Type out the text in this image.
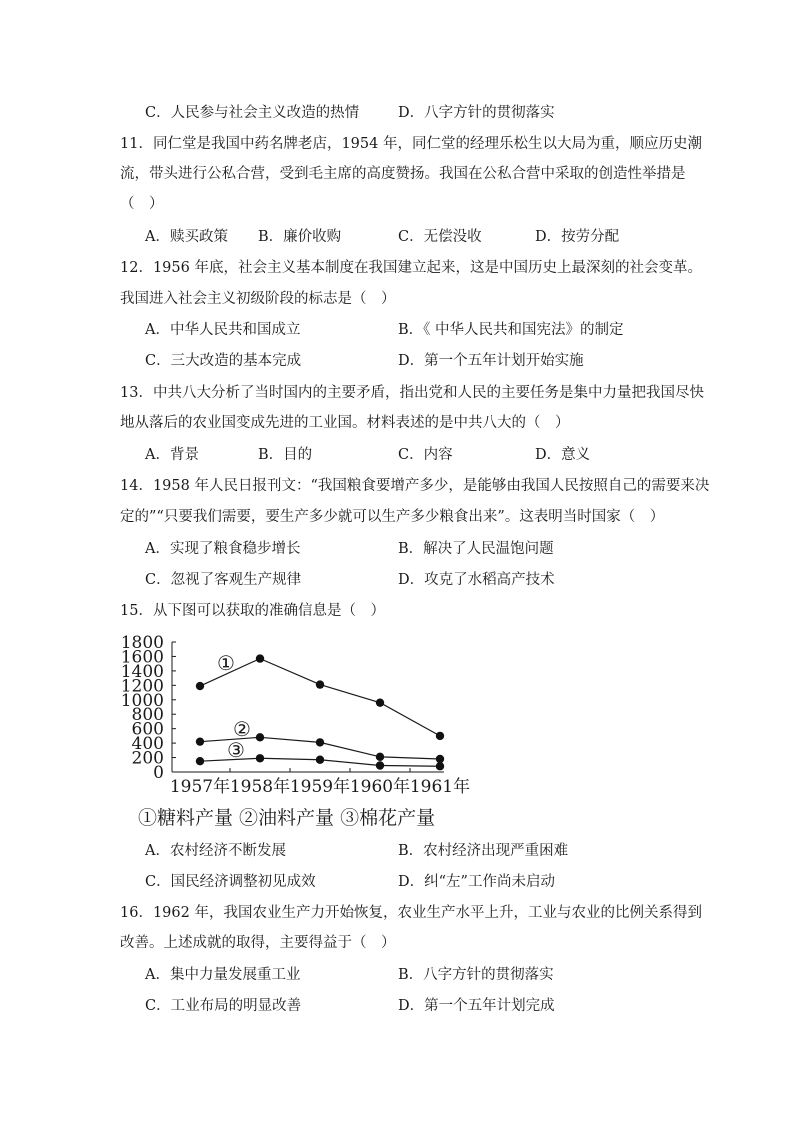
C．人民参与社会主义改造的热情	D．八字方针的贯彻落实
11．同仁堂是我国中药名牌老店，1954 年，同仁堂的经理乐松生以大局为重，顺应历史潮
流，带头进行公私合营，受到毛主席的高度赞扬。我国在公私合营中采取的创造性举措是
（　）
A．赎买政策 B．廉价收购	C．无偿没收	D．按劳分配
12．1956 年底，社会主义基本制度在我国建立起来，这是中国历史上最深刻的社会变革。
我国进入社会主义初级阶段的标志是（　）
A．中华人民共和国成立	B．《 中华人民共和国宪法》的制定
C．三大改造的基本完成	D．第一个五年计划开始实施
13．中共八大分析了当时国内的主要矛盾，指出党和人民的主要任务是集中力量把我国尽快
地从落后的农业国变成先进的工业国。材料表述的是中共八大的（　）
A．背景	B．目的	C．内容	D．意义
14．1958 年人民日报刊文：“我国粮食要增产多少，是能够由我国人民按照自己的需要来决
定的”“只要我们需要，要生产多少就可以生产多少粮食出来”。这表明当时国家（　）
A．实现了粮食稳步增长	B．解决了人民温饱问题
C．忽视了客观生产规律	D．攻克了水稻高产技术
15．从下图可以获取的准确信息是（　）
0
200
400
600
800
1000
1200
1400
1600
1800
1957年 1958年 1959年 1960年 1961年
①
②
③
①糖料产量 ②油料产量 ③棉花产量
A．农村经济不断发展	B．农村经济出现严重困难
C．国民经济调整初见成效	D．纠“左”工作尚未启动
16．1962 年，我国农业生产力开始恢复，农业生产水平上升，工业与农业的比例关系得到
改善。上述成就的取得，主要得益于（　）
A．集中力量发展重工业	B．八字方针的贯彻落实
C．工业布局的明显改善	D．第一个五年计划完成
